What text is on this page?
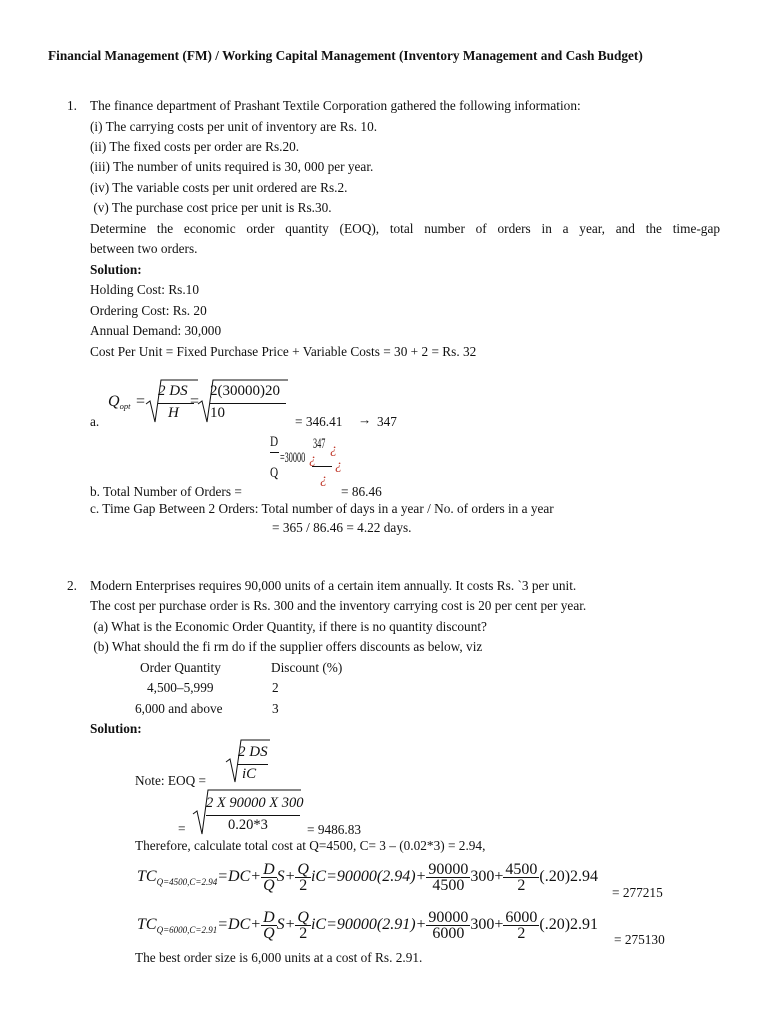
Financial Management (FM) / Working Capital Management (Inventory Management and Cash Budget)
1. The finance department of Prashant Textile Corporation gathered the following information:
(i) The carrying costs per unit of inventory are Rs. 10.
(ii) The fixed costs per order are Rs.20.
(iii) The number of units required is 30, 000 per year.
(iv) The variable costs per unit ordered are Rs.2.
(v) The purchase cost price per unit is Rs.30.
Determine the economic order quantity (EOQ), total number of orders in a year, and the time-gap
between two orders.
Solution:
Holding Cost: Rs.10
Ordering Cost: Rs. 20
Annual Demand: 30,000
Cost Per Unit = Fixed Purchase Price + Variable Costs = 30 + 2 = Rs. 32
a.
$Q_{opt}$ =
2 DS
H
=
2(30000)20
10
= 346.41 → 347
D
Q
=30000
347
¿
¿
¿
¿
b. Total Number of Orders =	= 86.46
c. Time Gap Between 2 Orders: Total number of days in a year / No. of orders in a year
= 365 / 86.46 = 4.22 days.
2. Modern Enterprises requires 90,000 units of a certain item annually. It costs Rs. `3 per unit.
The cost per purchase order is Rs. 300 and the inventory carrying cost is 20 per cent per year.
(a) What is the Economic Order Quantity, if there is no quantity discount?
(b) What should the fi rm do if the supplier offers discounts as below, viz
Order Quantity	Discount (%)
4,500–5,999	2
6,000 and above	3
Solution:
Note: EOQ =
2 DS
iC
=
2 X 90000 X 300
0.20*3	= 9486.83
Therefore, calculate total cost at Q=4500, C= 3 – (0.02*3) = 2.94,
TC $Q=4500,C=2.94 =DC+ \frac{D}{Q} S+ \frac{Q}{2} iC=90000(2.94)+ \frac{90000}{4500} 300+ \frac{4500}{2} (.20)2.94$
= 277215
TC $Q=6000,C=2.91 =DC+ \frac{D}{Q} S+ \frac{Q}{2} iC=90000(2.91)+ \frac{90000}{6000} 300+ \frac{6000}{2} (.20)2.91$
= 275130
The best order size is 6,000 units at a cost of Rs. 2.91.
